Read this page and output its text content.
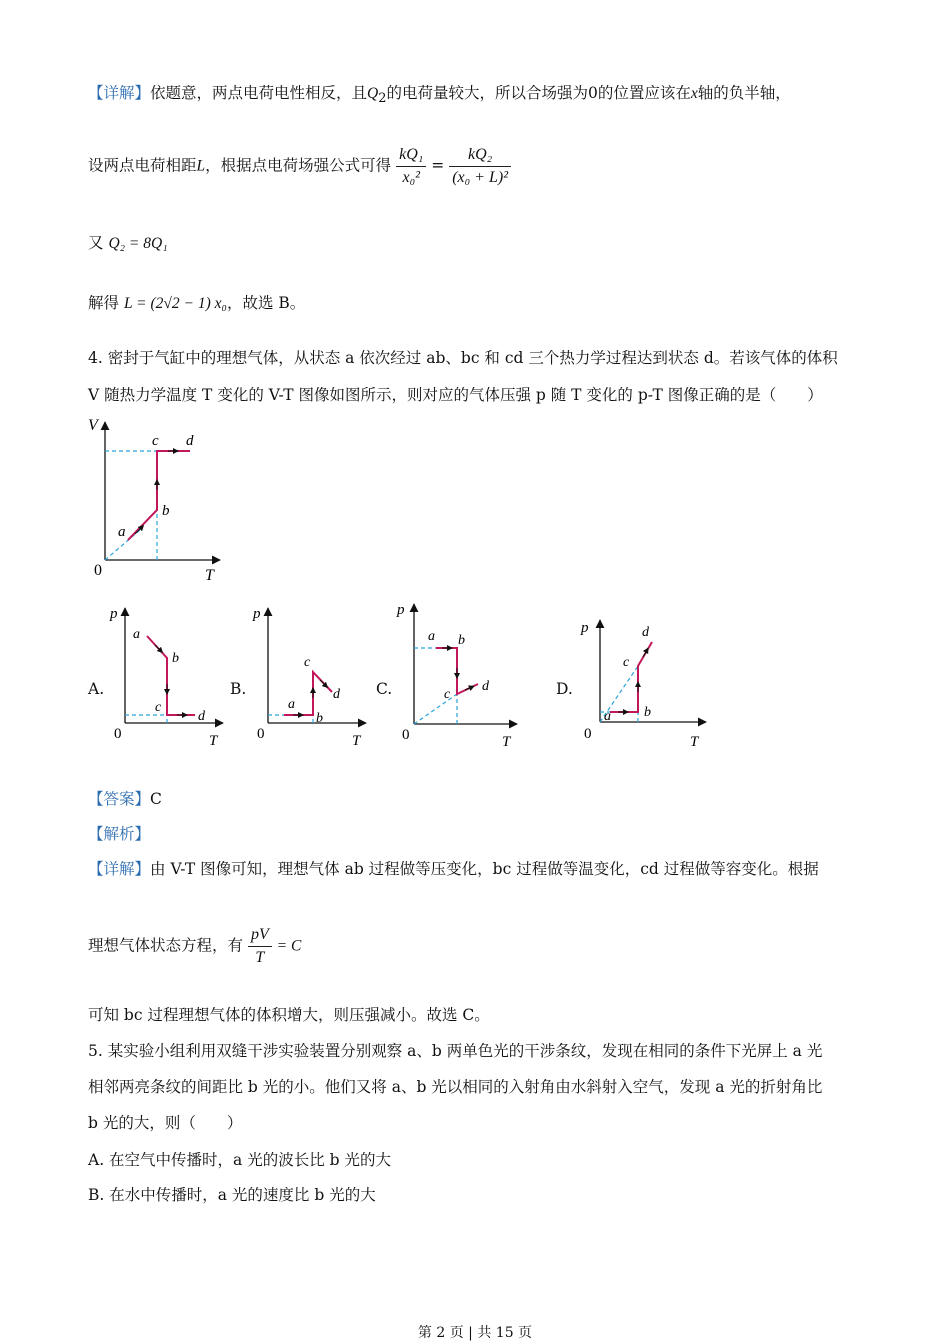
【详解】依题意，两点电荷电性相反，且$Q_2$的电荷量较大，所以合场强为0的位置应该在x轴的负半轴，
设两点电荷相距L，根据点电荷场强公式可得 $\frac{\text{kQ₁}}{\text{x₀²}} = \frac{\text{kQ₂}}{\text{(x₀ + L)²}}$
又 Q₂ = 8Q₁
解得 L = (2√2 − 1) x₀，故选 B。
4. 密封于气缸中的理想气体，从状态 a 依次经过 ab、bc 和 cd 三个热力学过程达到状态 d。若该气体的体积
V 随热力学温度 T 变化的 V-T 图像如图所示，则对应的气体压强 p 随 T 变化的 p-T 图像正确的是（　　）
V
T
0
a
b
c d
A.
p
T
0
a
b
c
d
B.
p
T
0
a
b
c
d C.
p
T
0
a b
c
d	D.
p
T
0
a b
c
d
【答案】C
【解析】
【详解】由 V-T 图像可知，理想气体 ab 过程做等压变化，bc 过程做等温变化，cd 过程做等容变化。根据
理想气体状态方程，有 $\frac{pV}{T} = C$
可知 bc 过程理想气体的体积增大，则压强减小。故选 C。
5. 某实验小组利用双缝干涉实验装置分别观察 a、b 两单色光的干涉条纹，发现在相同的条件下光屏上 a 光
相邻两亮条纹的间距比 b 光的小。他们又将 a、b 光以相同的入射角由水斜射入空气，发现 a 光的折射角比
b 光的大，则（　　）
A. 在空气中传播时，a 光的波长比 b 光的大
B. 在水中传播时，a 光的速度比 b 光的大
第 2 页 | 共 15 页
